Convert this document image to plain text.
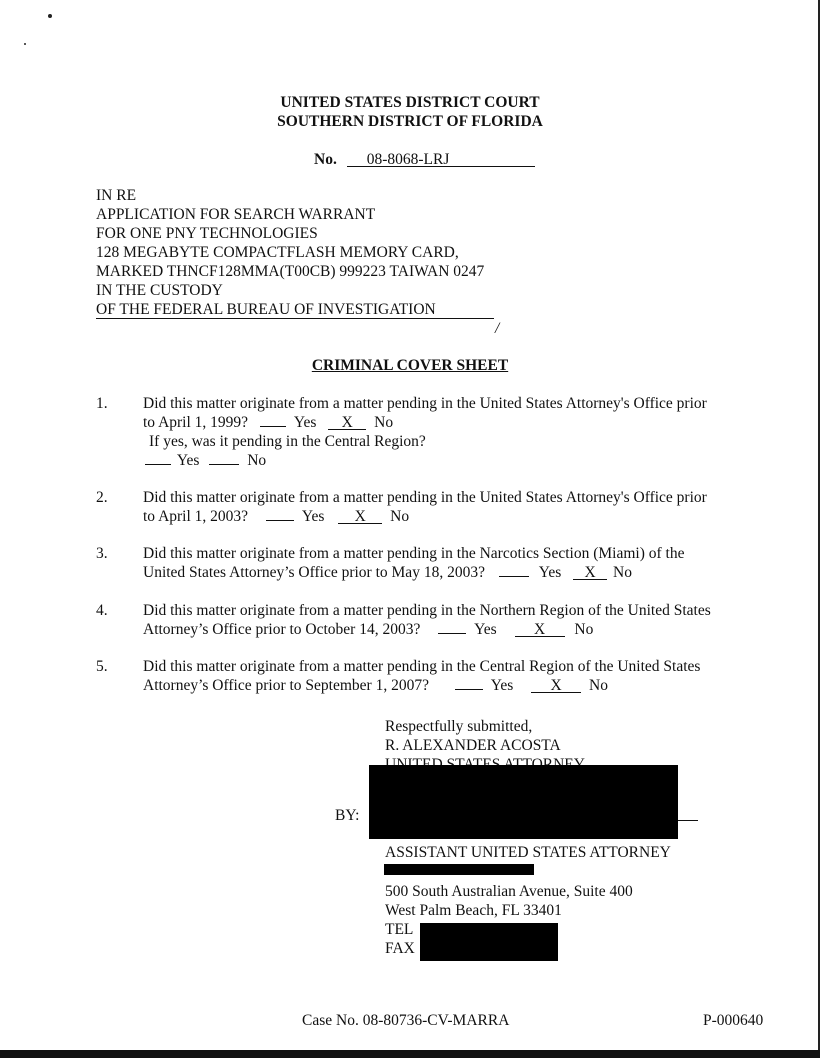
UNITED STATES DISTRICT COURT
SOUTHERN DISTRICT OF FLORIDA
No. 08-8068-LRJ
IN RE
APPLICATION FOR SEARCH WARRANT
FOR ONE PNY TECHNOLOGIES
128 MEGABYTE COMPACTFLASH MEMORY CARD,
MARKED THNCF128MMA(T00CB) 999223 TAIWAN 0247
IN THE CUSTODY
OF THE FEDERAL BUREAU OF INVESTIGATION
/
CRIMINAL COVER SHEET
1. Did this matter originate from a matter pending in the United States Attorney's Office prior
to April 1, 1999?	Yes X No
If yes, was it pending in the Central Region?
Yes	No
2. Did this matter originate from a matter pending in the United States Attorney's Office prior
to April 1, 2003?	Yes X No
3. Did this matter originate from a matter pending in the Narcotics Section (Miami) of the
United States Attorney’s Office prior to May 18, 2003?	Yes X No
4. Did this matter originate from a matter pending in the Northern Region of the United States
Attorney’s Office prior to October 14, 2003?	Yes X No
5. Did this matter originate from a matter pending in the Central Region of the United States
Attorney’s Office prior to September 1, 2007?	Yes X No
Respectfully submitted,
R. ALEXANDER ACOSTA
BY:
ASSISTANT UNITED STATES ATTORNEY
500 South Australian Avenue, Suite 400
West Palm Beach, FL 33401
TEL
FAX
Case No. 08-80736-CV-MARRA	P-000640
